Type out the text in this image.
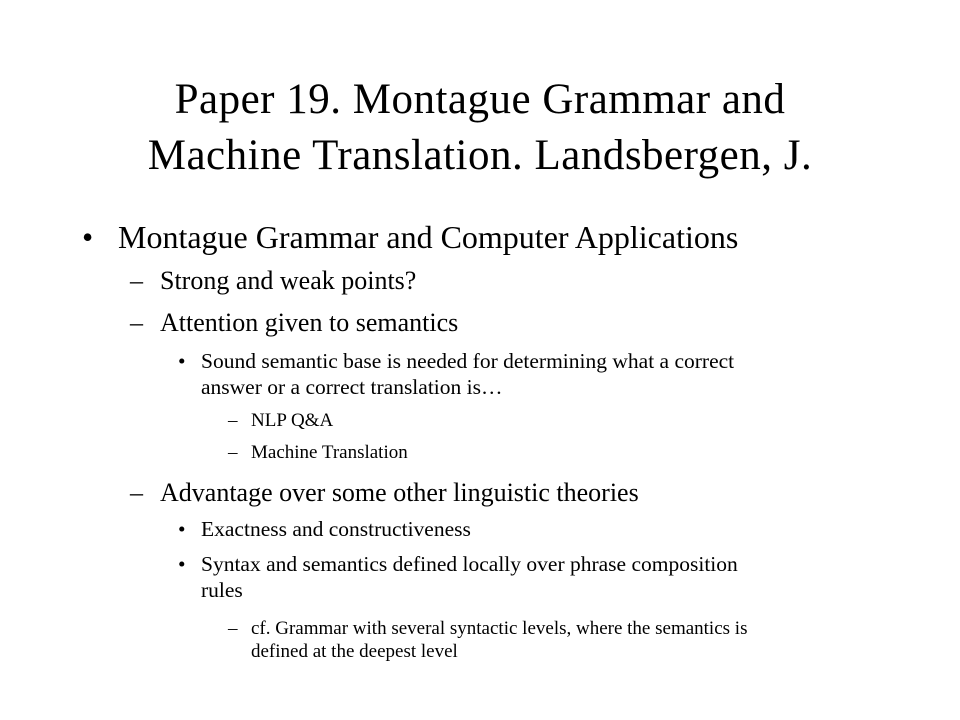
Paper 19. Montague Grammar and
Machine Translation. Landsbergen, J.
• Montague Grammar and Computer Applications
– Strong and weak points?
– Attention given to semantics
• Sound semantic base is needed for determining what a correct
answer or a correct translation is…
– NLP Q&A
– Machine Translation
– Advantage over some other linguistic theories
• Exactness and constructiveness
• Syntax and semantics defined locally over phrase composition
rules
– cf. Grammar with several syntactic levels, where the semantics is
defined at the deepest level
